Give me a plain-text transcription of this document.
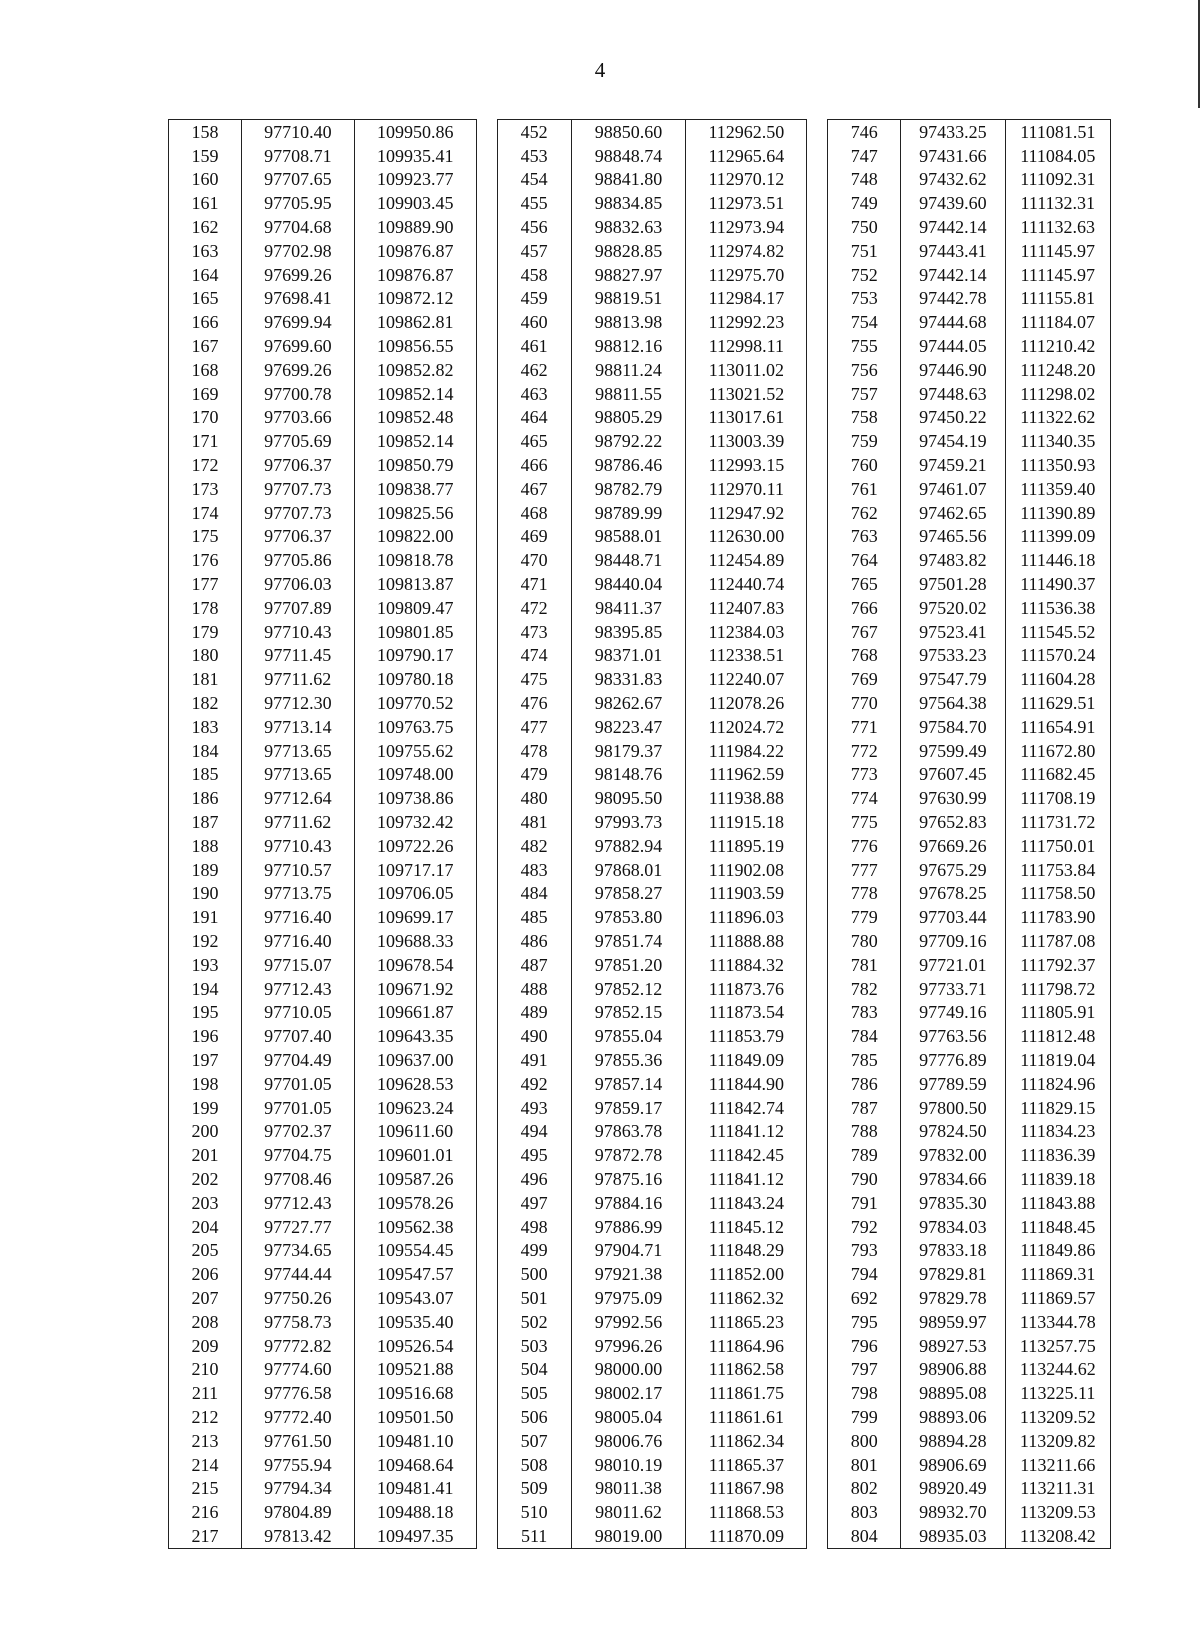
4
158	97710.40	109950.86		452	98850.60	112962.50		746	97433.25	111081.51
159	97708.71	109935.41		453	98848.74	112965.64		747	97431.66	111084.05
160	97707.65	109923.77		454	98841.80	112970.12		748	97432.62	111092.31
161	97705.95	109903.45		455	98834.85	112973.51		749	97439.60	111132.31
162	97704.68	109889.90		456	98832.63	112973.94		750	97442.14	111132.63
163	97702.98	109876.87		457	98828.85	112974.82		751	97443.41	111145.97
164	97699.26	109876.87		458	98827.97	112975.70		752	97442.14	111145.97
165	97698.41	109872.12		459	98819.51	112984.17		753	97442.78	111155.81
166	97699.94	109862.81		460	98813.98	112992.23		754	97444.68	111184.07
167	97699.60	109856.55		461	98812.16	112998.11		755	97444.05	111210.42
168	97699.26	109852.82		462	98811.24	113011.02		756	97446.90	111248.20
169	97700.78	109852.14		463	98811.55	113021.52		757	97448.63	111298.02
170	97703.66	109852.48		464	98805.29	113017.61		758	97450.22	111322.62
171	97705.69	109852.14		465	98792.22	113003.39		759	97454.19	111340.35
172	97706.37	109850.79		466	98786.46	112993.15		760	97459.21	111350.93
173	97707.73	109838.77		467	98782.79	112970.11		761	97461.07	111359.40
174	97707.73	109825.56		468	98789.99	112947.92		762	97462.65	111390.89
175	97706.37	109822.00		469	98588.01	112630.00		763	97465.56	111399.09
176	97705.86	109818.78		470	98448.71	112454.89		764	97483.82	111446.18
177	97706.03	109813.87		471	98440.04	112440.74		765	97501.28	111490.37
178	97707.89	109809.47		472	98411.37	112407.83		766	97520.02	111536.38
179	97710.43	109801.85		473	98395.85	112384.03		767	97523.41	111545.52
180	97711.45	109790.17		474	98371.01	112338.51		768	97533.23	111570.24
181	97711.62	109780.18		475	98331.83	112240.07		769	97547.79	111604.28
182	97712.30	109770.52		476	98262.67	112078.26		770	97564.38	111629.51
183	97713.14	109763.75		477	98223.47	112024.72		771	97584.70	111654.91
184	97713.65	109755.62		478	98179.37	111984.22		772	97599.49	111672.80
185	97713.65	109748.00		479	98148.76	111962.59		773	97607.45	111682.45
186	97712.64	109738.86		480	98095.50	111938.88		774	97630.99	111708.19
187	97711.62	109732.42		481	97993.73	111915.18		775	97652.83	111731.72
188	97710.43	109722.26		482	97882.94	111895.19		776	97669.26	111750.01
189	97710.57	109717.17		483	97868.01	111902.08		777	97675.29	111753.84
190	97713.75	109706.05		484	97858.27	111903.59		778	97678.25	111758.50
191	97716.40	109699.17		485	97853.80	111896.03		779	97703.44	111783.90
192	97716.40	109688.33		486	97851.74	111888.88		780	97709.16	111787.08
193	97715.07	109678.54		487	97851.20	111884.32		781	97721.01	111792.37
194	97712.43	109671.92		488	97852.12	111873.76		782	97733.71	111798.72
195	97710.05	109661.87		489	97852.15	111873.54		783	97749.16	111805.91
196	97707.40	109643.35		490	97855.04	111853.79		784	97763.56	111812.48
197	97704.49	109637.00		491	97855.36	111849.09		785	97776.89	111819.04
198	97701.05	109628.53		492	97857.14	111844.90		786	97789.59	111824.96
199	97701.05	109623.24		493	97859.17	111842.74		787	97800.50	111829.15
200	97702.37	109611.60		494	97863.78	111841.12		788	97824.50	111834.23
201	97704.75	109601.01		495	97872.78	111842.45		789	97832.00	111836.39
202	97708.46	109587.26		496	97875.16	111841.12		790	97834.66	111839.18
203	97712.43	109578.26		497	97884.16	111843.24		791	97835.30	111843.88
204	97727.77	109562.38		498	97886.99	111845.12		792	97834.03	111848.45
205	97734.65	109554.45		499	97904.71	111848.29		793	97833.18	111849.86
206	97744.44	109547.57		500	97921.38	111852.00		794	97829.81	111869.31
207	97750.26	109543.07		501	97975.09	111862.32		692	97829.78	111869.57
208	97758.73	109535.40		502	97992.56	111865.23		795	98959.97	113344.78
209	97772.82	109526.54		503	97996.26	111864.96		796	98927.53	113257.75
210	97774.60	109521.88		504	98000.00	111862.58		797	98906.88	113244.62
211	97776.58	109516.68		505	98002.17	111861.75		798	98895.08	113225.11
212	97772.40	109501.50		506	98005.04	111861.61		799	98893.06	113209.52
213	97761.50	109481.10		507	98006.76	111862.34		800	98894.28	113209.82
214	97755.94	109468.64		508	98010.19	111865.37		801	98906.69	113211.66
215	97794.34	109481.41		509	98011.38	111867.98		802	98920.49	113211.31
216	97804.89	109488.18		510	98011.62	111868.53		803	98932.70	113209.53
217	97813.42	109497.35		511	98019.00	111870.09		804	98935.03	113208.42
